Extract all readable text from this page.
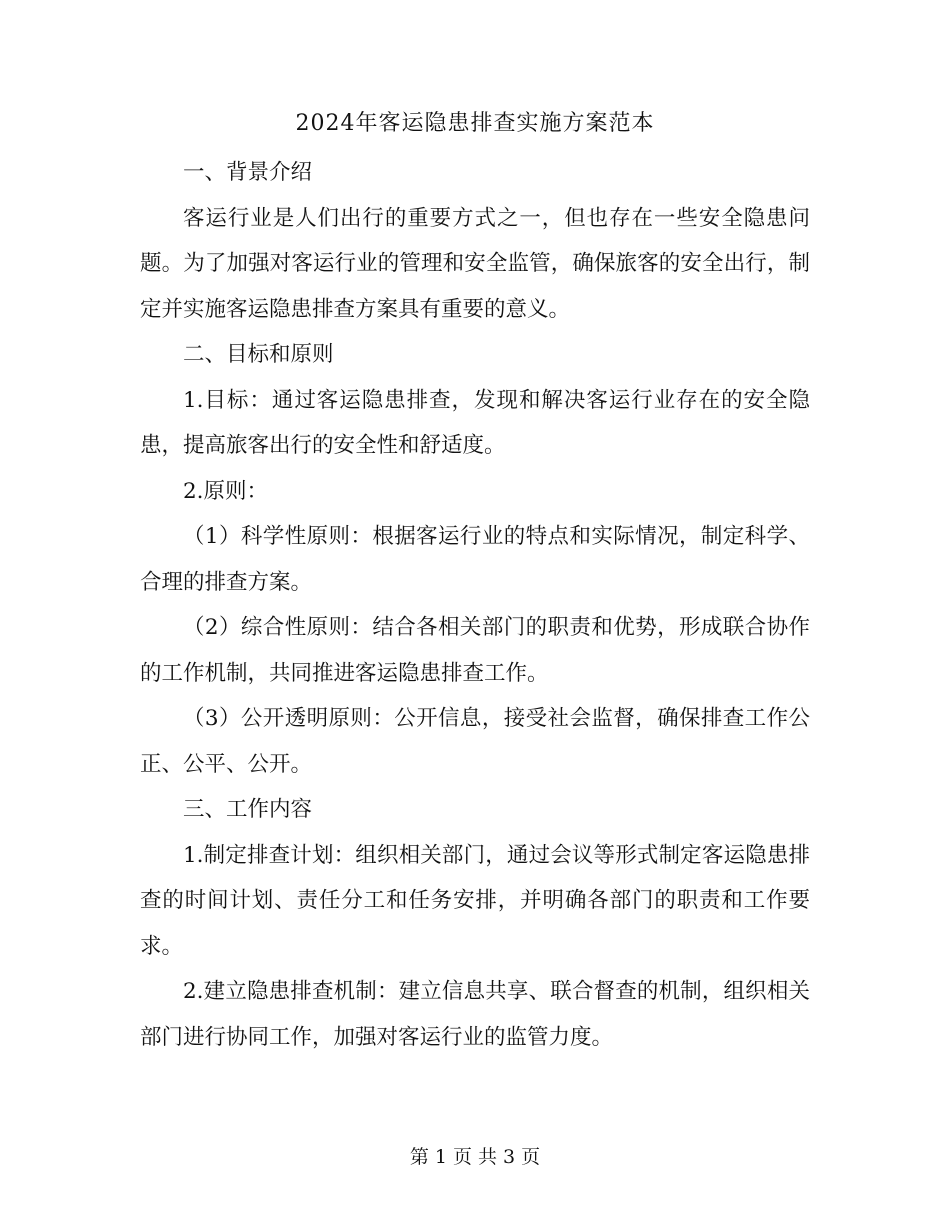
2024年客运隐患排查实施方案范本

一、背景介绍

客运行业是人们出行的重要方式之一，但也存在一些安全隐患问题。为了加强对客运行业的管理和安全监管，确保旅客的安全出行，制定并实施客运隐患排查方案具有重要的意义。

二、目标和原则

1.目标：通过客运隐患排查，发现和解决客运行业存在的安全隐患，提高旅客出行的安全性和舒适度。

2.原则：

（1）科学性原则：根据客运行业的特点和实际情况，制定科学、合理的排查方案。

（2）综合性原则：结合各相关部门的职责和优势，形成联合协作的工作机制，共同推进客运隐患排查工作。

（3）公开透明原则：公开信息，接受社会监督，确保排查工作公正、公平、公开。

三、工作内容

1.制定排查计划：组织相关部门，通过会议等形式制定客运隐患排查的时间计划、责任分工和任务安排，并明确各部门的职责和工作要求。

2.建立隐患排查机制：建立信息共享、联合督查的机制，组织相关部门进行协同工作，加强对客运行业的监管力度。

第 1 页 共 3 页
